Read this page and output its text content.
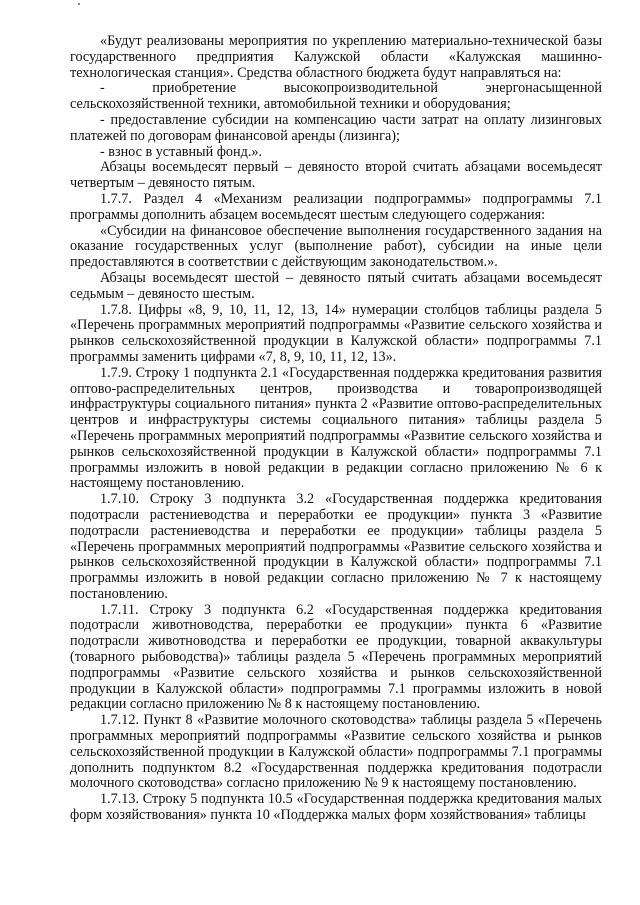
«Будут реализованы мероприятия по укреплению материально-технической базы государственного предприятия Калужской области «Калужская машинно-технологическая станция». Средства областного бюджета будут направляться на:

- приобретение высокопроизводительной энергонасыщенной сельскохозяйственной техники, автомобильной техники и оборудования;

- предоставление субсидии на компенсацию части затрат на оплату лизинговых платежей по договорам финансовой аренды (лизинга);

- взнос в уставный фонд.».

Абзацы восемьдесят первый – девяносто второй считать абзацами восемьдесят четвертым – девяносто пятым.

1.7.7. Раздел 4 «Механизм реализации подпрограммы» подпрограммы 7.1 программы дополнить абзацем восемьдесят шестым следующего содержания:

«Субсидии на финансовое обеспечение выполнения государственного задания на оказание государственных услуг (выполнение работ), субсидии на иные цели предоставляются в соответствии с действующим законодательством.».

Абзацы восемьдесят шестой – девяносто пятый считать абзацами восемьдесят седьмым – девяносто шестым.

1.7.8. Цифры «8, 9, 10, 11, 12, 13, 14» нумерации столбцов таблицы раздела 5 «Перечень программных мероприятий подпрограммы «Развитие сельского хозяйства и рынков сельскохозяйственной продукции в Калужской области» подпрограммы 7.1 программы заменить цифрами «7, 8, 9, 10, 11, 12, 13».

1.7.9. Строку 1 подпункта 2.1 «Государственная поддержка кредитования развития оптово-распределительных центров, производства и товаропроизводящей инфраструктуры социального питания» пункта 2 «Развитие оптово-распределительных центров и инфраструктуры системы социального питания» таблицы раздела 5 «Перечень программных мероприятий подпрограммы «Развитие сельского хозяйства и рынков сельскохозяйственной продукции в Калужской области» подпрограммы 7.1 программы изложить в новой редакции в редакции согласно приложению № 6 к настоящему постановлению.

1.7.10. Строку 3 подпункта 3.2 «Государственная поддержка кредитования подотрасли растениеводства и переработки ее продукции» пункта 3 «Развитие подотрасли растениеводства и переработки ее продукции» таблицы раздела 5 «Перечень программных мероприятий подпрограммы «Развитие сельского хозяйства и рынков сельскохозяйственной продукции в Калужской области» подпрограммы 7.1 программы изложить в новой редакции согласно приложению № 7 к настоящему постановлению.

1.7.11. Строку 3 подпункта 6.2 «Государственная поддержка кредитования подотрасли животноводства, переработки ее продукции» пункта 6 «Развитие подотрасли животноводства и переработки ее продукции, товарной аквакультуры (товарного рыбоводства)» таблицы раздела 5 «Перечень программных мероприятий подпрограммы «Развитие сельского хозяйства и рынков сельскохозяйственной продукции в Калужской области» подпрограммы 7.1 программы изложить в новой редакции согласно приложению № 8 к настоящему постановлению.

1.7.12. Пункт 8 «Развитие молочного скотоводства» таблицы раздела 5 «Перечень программных мероприятий подпрограммы «Развитие сельского хозяйства и рынков сельскохозяйственной продукции в Калужской области» подпрограммы 7.1 программы дополнить подпунктом 8.2 «Государственная поддержка кредитования подотрасли молочного скотоводства» согласно приложению № 9 к настоящему постановлению.

1.7.13. Строку 5 подпункта 10.5 «Государственная поддержка кредитования малых форм хозяйствования» пункта 10 «Поддержка малых форм хозяйствования» таблицы
